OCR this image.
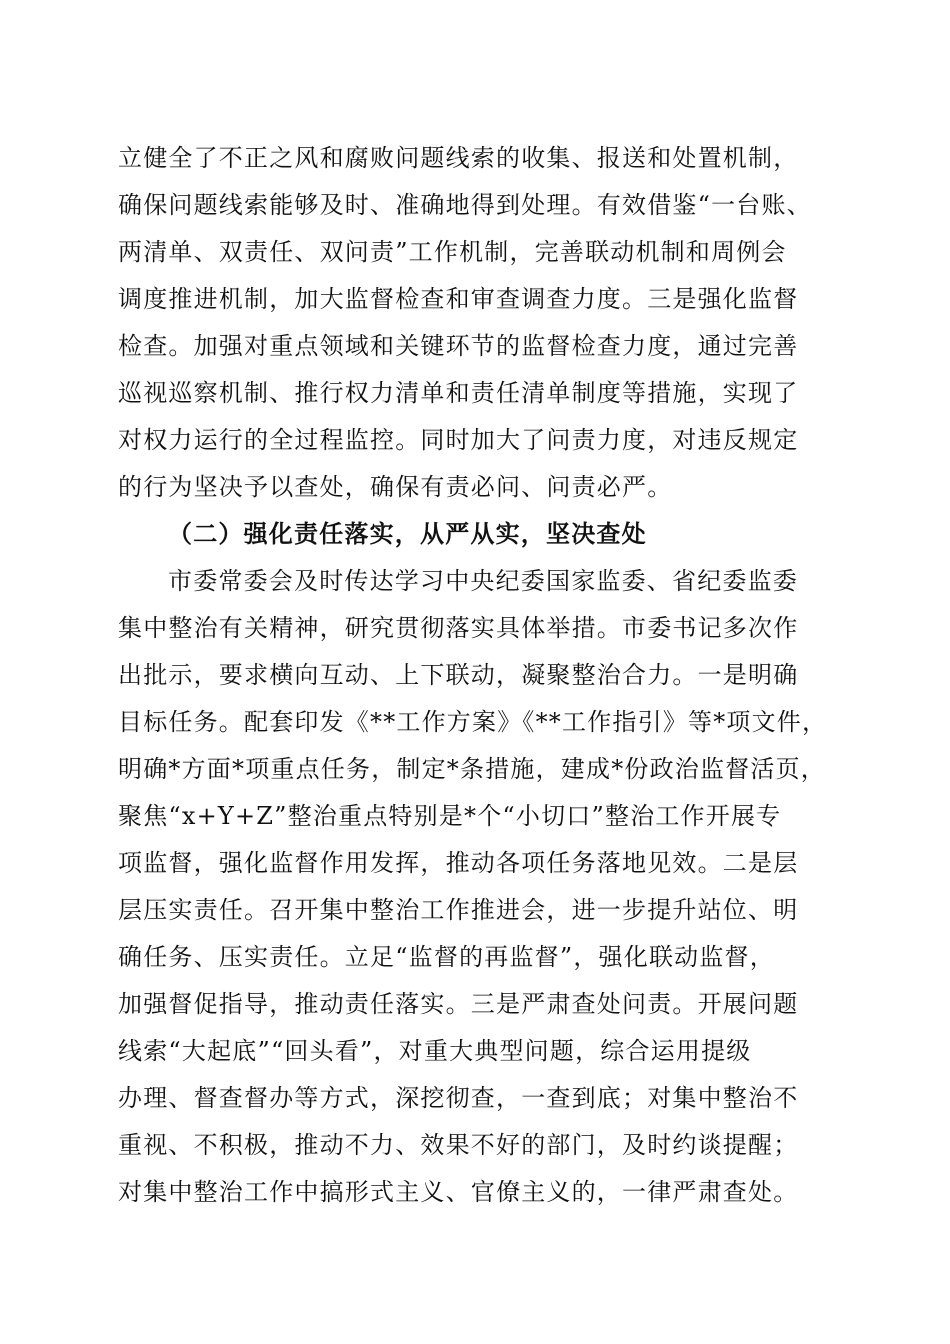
立健全了不正之风和腐败问题线索的收集、报送和处置机制，
确保问题线索能够及时、准确地得到处理。有效借鉴“一台账、
两清单、双责任、双问责”工作机制，完善联动机制和周例会
调度推进机制，加大监督检查和审查调查力度。三是强化监督
检查。加强对重点领域和关键环节的监督检查力度，通过完善
巡视巡察机制、推行权力清单和责任清单制度等措施，实现了
对权力运行的全过程监控。同时加大了问责力度，对违反规定
的行为坚决予以查处，确保有责必问、问责必严。
（二）强化责任落实，从严从实，坚决查处
市委常委会及时传达学习中央纪委国家监委、省纪委监委
集中整治有关精神，研究贯彻落实具体举措。市委书记多次作
出批示，要求横向互动、上下联动，凝聚整治合力。一是明确
目标任务。配套印发《**工作方案》《**工作指引》等*项文件，
明确*方面*项重点任务，制定*条措施，建成*份政治监督活页，
聚焦“x+Y+Z”整治重点特别是*个“小切口”整治工作开展专
项监督，强化监督作用发挥，推动各项任务落地见效。二是层
层压实责任。召开集中整治工作推进会，进一步提升站位、明
确任务、压实责任。立足“监督的再监督”，强化联动监督，
加强督促指导，推动责任落实。三是严肃查处问责。开展问题
线索“大起底”“回头看”，对重大典型问题，综合运用提级
办理、督查督办等方式，深挖彻查，一查到底；对集中整治不
重视、不积极，推动不力、效果不好的部门，及时约谈提醒；
对集中整治工作中搞形式主义、官僚主义的，一律严肃查处。
